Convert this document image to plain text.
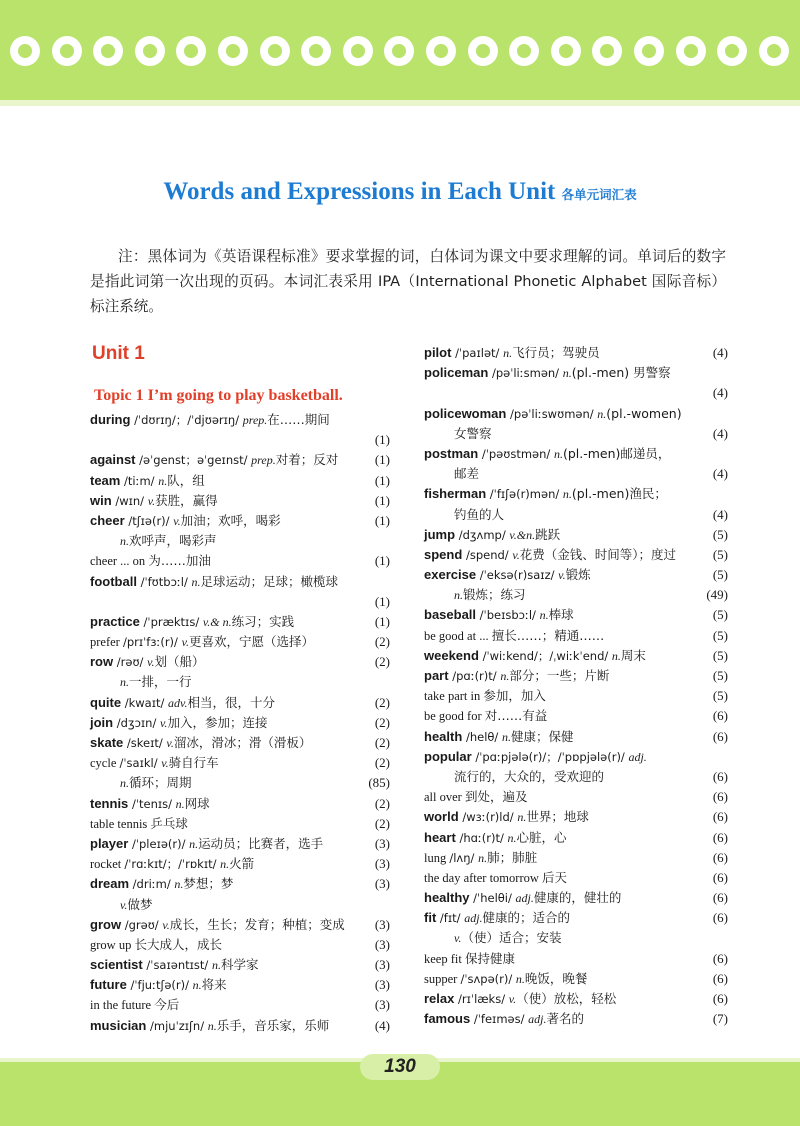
Words and Expressions in Each Unit 各单元词汇表
注：黑体词为《英语课程标准》要求掌握的词，白体词为课文中要求理解的词。单词后的数字是指此词第一次出现的页码。本词汇表采用 IPA（International Phonetic Alphabet 国际音标）标注系统。
Unit 1
Topic 1 I’m going to play basketball.
during /ˈdʊrɪŋ/；/ˈdjʊərɪŋ/ prep.在……期间
(1)
against /əˈgenst；əˈgeɪnst/ prep.对着；反对	(1)
team /tiːm/ n.队，组	(1)
win /wɪn/ v.获胜，赢得	(1)
cheer /tʃɪə(r)/ v.加油；欢呼，喝彩	(1)
n.欢呼声，喝彩声
cheer ... on 为……加油	(1)
football /ˈfʊtbɔːl/ n.足球运动；足球；橄榄球
(1)
practice /ˈpræktɪs/ v.& n.练习；实践	(1)
prefer /prɪˈfɜː(r)/ v.更喜欢，宁愿（选择）	(2)
row /rəʊ/ v.划（船）	(2)
n.一排，一行
quite /kwaɪt/ adv.相当，很，十分	(2)
join /dʒɔɪn/ v.加入，参加；连接	(2)
skate /skeɪt/ v.溜冰，滑冰；滑（滑板）	(2)
cycle /ˈsaɪkl/ v.骑自行车	(2)
n.循环；周期	(85)
tennis /ˈtenɪs/ n.网球	(2)
table tennis 乒乓球	(2)
player /ˈpleɪə(r)/ n.运动员；比赛者，选手	(3)
rocket /ˈrɑːkɪt/；/ˈrɒkɪt/ n.火箭	(3)
dream /driːm/ n.梦想；梦	(3)
v.做梦
grow /grəʊ/ v.成长，生长；发育；种植；变成 (3)
grow up 长大成人，成长	(3)
scientist /ˈsaɪəntɪst/ n.科学家	(3)
future /ˈfjuːtʃə(r)/ n.将来	(3)
in the future 今后	(3)
musician /mjuˈzɪʃn/ n.乐手，音乐家，乐师	(4)
pilot /ˈpaɪlət/ n.飞行员；驾驶员	(4)
policeman /pəˈliːsmən/ n.(pl.-men) 男警察
(4)
policewoman /pəˈliːswʊmən/ n.(pl.-women)
女警察	(4)
postman /ˈpəʊstmən/ n.(pl.-men)邮递员，
邮差	(4)
fisherman /ˈfɪʃə(r)mən/ n.(pl.-men)渔民；
钓鱼的人	(4)
jump /dʒʌmp/ v.&n.跳跃	(5)
spend /spend/ v.花费（金钱、时间等）；度过	(5)
exercise /ˈeksə(r)saɪz/ v.锻炼	(5)
n.锻炼；练习	(49)
baseball /ˈbeɪsbɔːl/ n.棒球	(5)
be good at ... 擅长……；精通……	(5)
weekend /ˈwiːkend/；/ˌwiːkˈend/ n.周末	(5)
part /pɑː(r)t/ n.部分；一些；片断	(5)
take part in 参加，加入	(5)
be good for 对……有益	(6)
health /helθ/ n.健康；保健	(6)
popular /ˈpɑːpjələ(r)/；/ˈpɒpjələ(r)/ adj.
流行的，大众的，受欢迎的	(6)
all over 到处，遍及	(6)
world /wɜː(r)ld/ n.世界；地球	(6)
heart /hɑː(r)t/ n.心脏，心	(6)
lung /lʌŋ/ n.肺；肺脏	(6)
the day after tomorrow 后天	(6)
healthy /ˈhelθi/ adj.健康的，健壮的	(6)
fit /fɪt/ adj.健康的；适合的	(6)
v.（使）适合；安装
keep fit 保持健康	(6)
supper /ˈsʌpə(r)/ n.晚饭，晚餐	(6)
relax /rɪˈlæks/ v.（使）放松，轻松	(6)
famous /ˈfeɪməs/ adj.著名的	(7)
130
